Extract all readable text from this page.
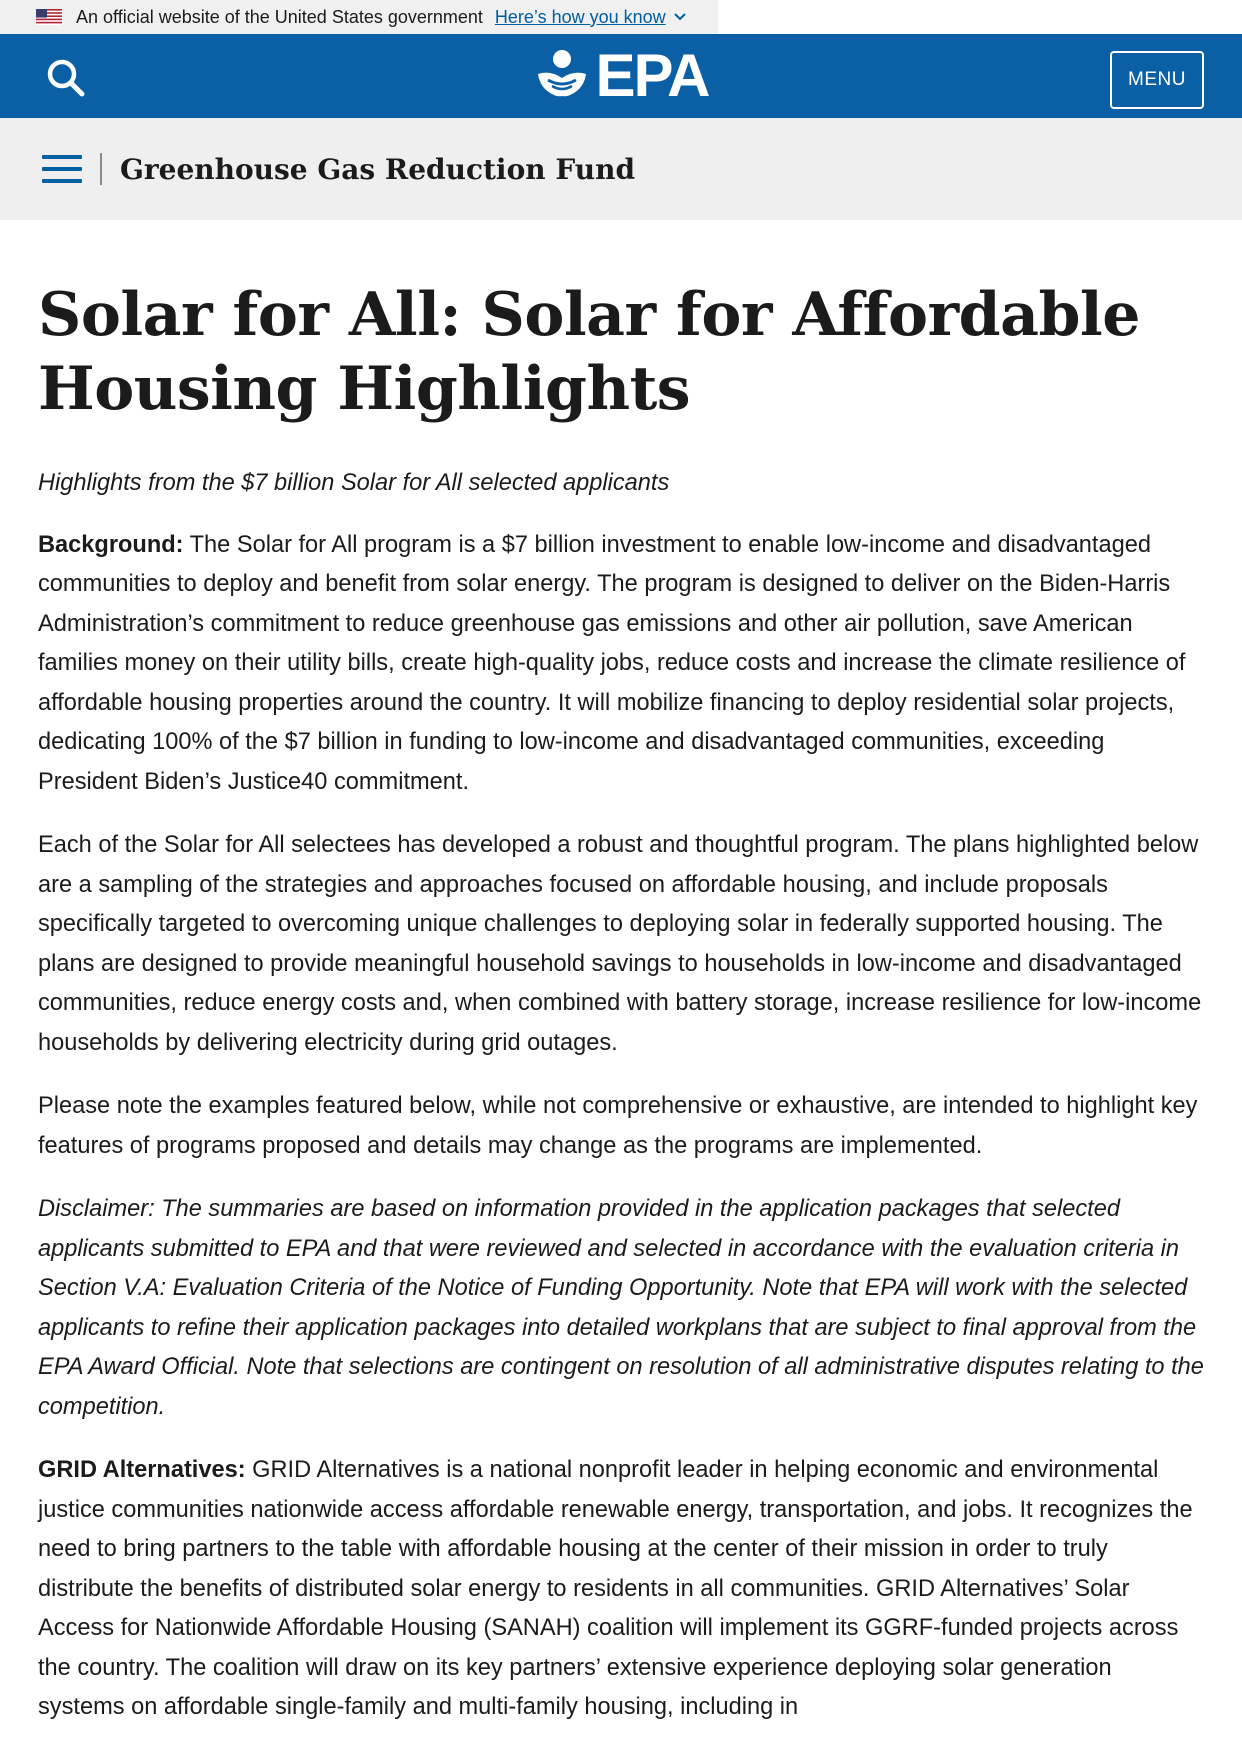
An official website of the United States government Here’s how you know
EPA	MENU
Greenhouse Gas Reduction Fund
Solar for All: Solar for Affordable Housing Highlights

Highlights from the $7 billion Solar for All selected applicants

Background: The Solar for All program is a $7 billion investment to enable low-income and disadvantaged communities to deploy and benefit from solar energy. The program is designed to deliver on the Biden-Harris Administration’s commitment to reduce greenhouse gas emissions and other air pollution, save American families money on their utility bills, create high-quality jobs, reduce costs and increase the climate resilience of affordable housing properties around the country. It will mobilize financing to deploy residential solar projects, dedicating 100% of the $7 billion in funding to low-income and disadvantaged communities, exceeding President Biden’s Justice40 commitment.

Each of the Solar for All selectees has developed a robust and thoughtful program. The plans highlighted below are a sampling of the strategies and approaches focused on affordable housing, and include proposals specifically targeted to overcoming unique challenges to deploying solar in federally supported housing. The plans are designed to provide meaningful household savings to households in low-income and disadvantaged communities, reduce energy costs and, when combined with battery storage, increase resilience for low-income households by delivering electricity during grid outages.

Please note the examples featured below, while not comprehensive or exhaustive, are intended to highlight key features of programs proposed and details may change as the programs are implemented.

Disclaimer: The summaries are based on information provided in the application packages that selected applicants submitted to EPA and that were reviewed and selected in accordance with the evaluation criteria in Section V.A: Evaluation Criteria of the Notice of Funding Opportunity. Note that EPA will work with the selected applicants to refine their application packages into detailed workplans that are subject to final approval from the EPA Award Official. Note that selections are contingent on resolution of all administrative disputes relating to the competition.

GRID Alternatives: GRID Alternatives is a national nonprofit leader in helping economic and environmental justice communities nationwide access affordable renewable energy, transportation, and jobs. It recognizes the need to bring partners to the table with affordable housing at the center of their mission in order to truly distribute the benefits of distributed solar energy to residents in all communities. GRID Alternatives’ Solar Access for Nationwide Affordable Housing (SANAH) coalition will implement its GGRF-funded projects across the country. The coalition will draw on its key partners’ extensive experience deploying solar generation systems on affordable single-family and multi-family housing, including in
